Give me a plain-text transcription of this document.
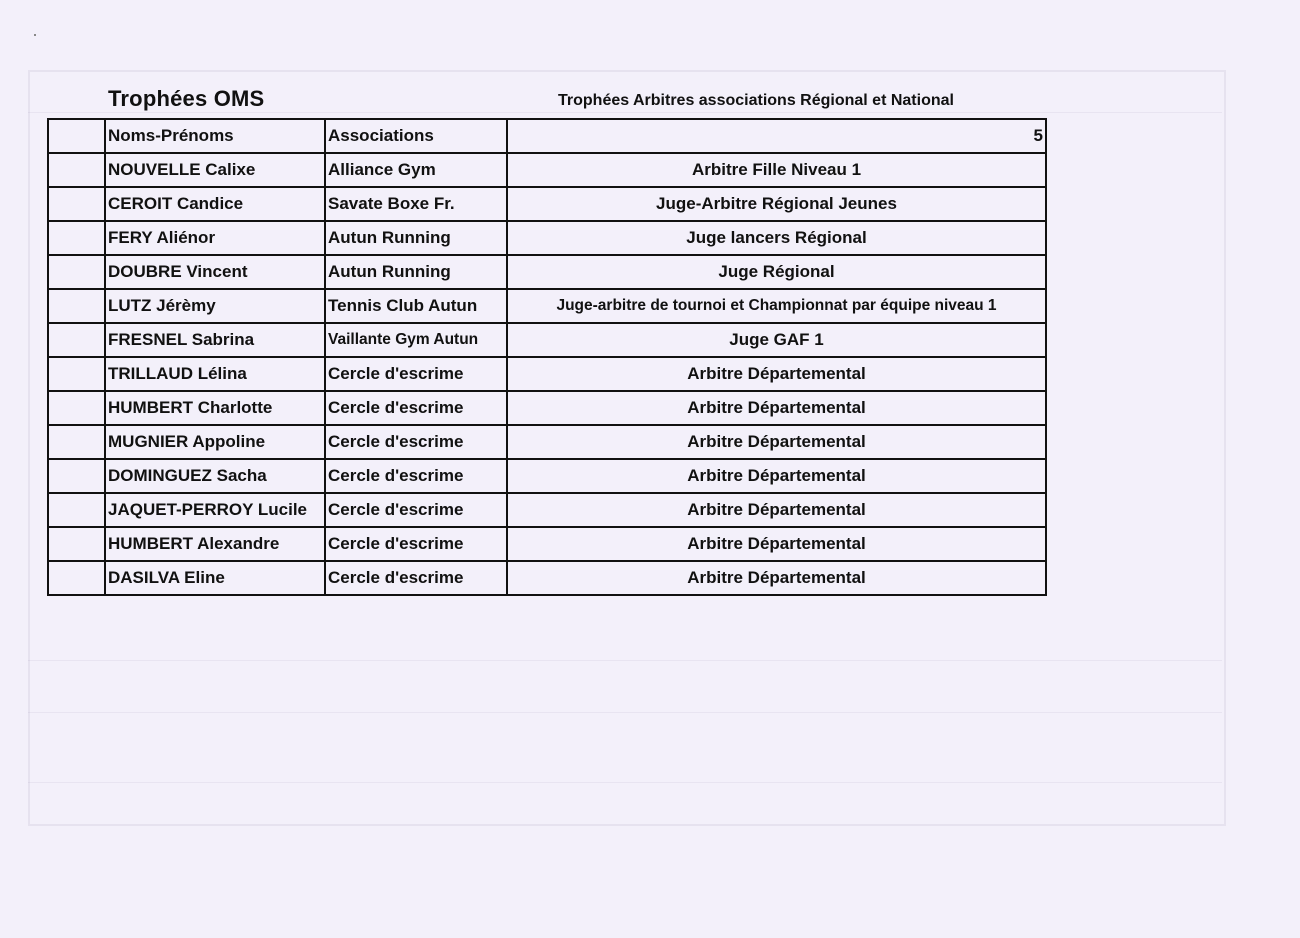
Trophées OMS	Trophées Arbitres associations Régional et National
	Noms-Prénoms	Associations	5
	NOUVELLE Calixe	Alliance Gym	Arbitre Fille Niveau 1
	CEROIT Candice	Savate Boxe Fr.	Juge-Arbitre Régional Jeunes
	FERY Aliénor	Autun Running	Juge lancers Régional
	DOUBRE Vincent	Autun Running	Juge Régional
	LUTZ Jérèmy	Tennis Club Autun	Juge-arbitre de tournoi et Championnat par équipe niveau 1
	FRESNEL Sabrina	Vaillante Gym Autun	Juge GAF 1
	TRILLAUD Lélina	Cercle d'escrime	Arbitre Départemental
	HUMBERT Charlotte	Cercle d'escrime	Arbitre Départemental
	MUGNIER Appoline	Cercle d'escrime	Arbitre Départemental
	DOMINGUEZ Sacha	Cercle d'escrime	Arbitre Départemental
	JAQUET-PERROY Lucile	Cercle d'escrime	Arbitre Départemental
	HUMBERT Alexandre	Cercle d'escrime	Arbitre Départemental
	DASILVA Eline	Cercle d'escrime	Arbitre Départemental
